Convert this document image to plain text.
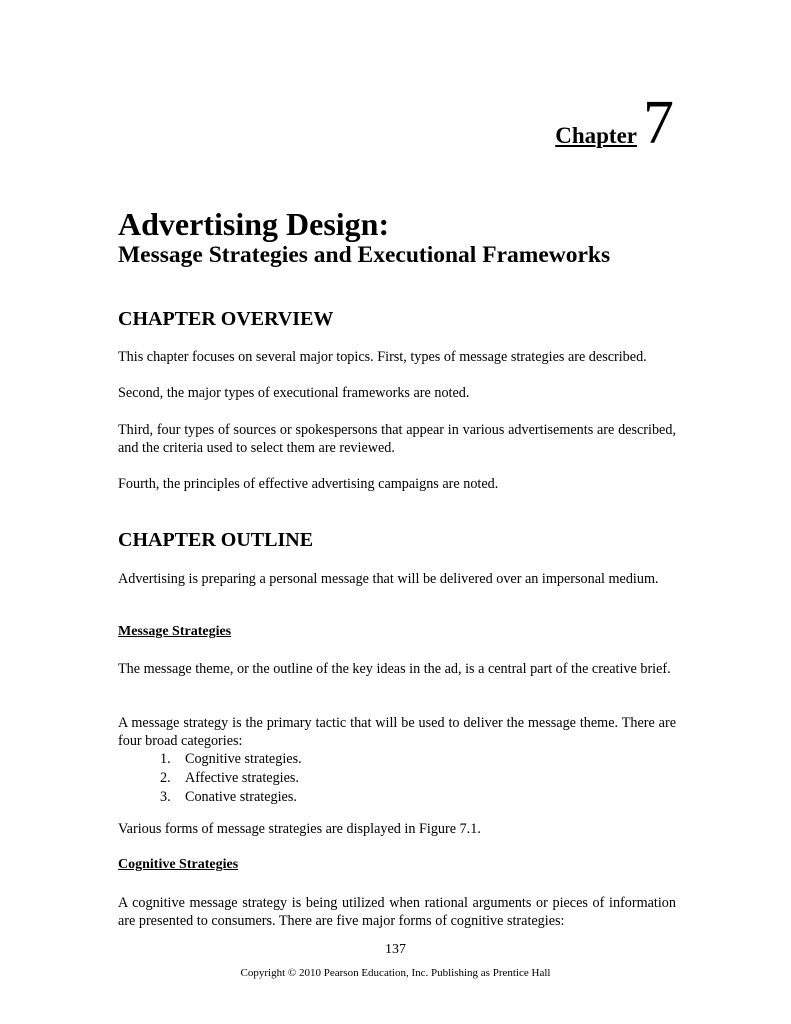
Chapter 7
Advertising Design:
Message Strategies and Executional Frameworks
CHAPTER OVERVIEW

This chapter focuses on several major topics. First, types of message strategies are described.

Second, the major types of executional frameworks are noted.

Third, four types of sources or spokespersons that appear in various advertisements are described, and the criteria used to select them are reviewed.

Fourth, the principles of effective advertising campaigns are noted.

CHAPTER OUTLINE

Advertising is preparing a personal message that will be delivered over an impersonal medium.

Message Strategies

The message theme, or the outline of the key ideas in the ad, is a central part of the creative brief.

A message strategy is the primary tactic that will be used to deliver the message theme. There are four broad categories:

1. Cognitive strategies.
2. Affective strategies.
3. Conative strategies.

Various forms of message strategies are displayed in Figure 7.1.

Cognitive Strategies

A cognitive message strategy is being utilized when rational arguments or pieces of information are presented to consumers. There are five major forms of cognitive strategies:

137
Copyright © 2010 Pearson Education, Inc. Publishing as Prentice Hall
